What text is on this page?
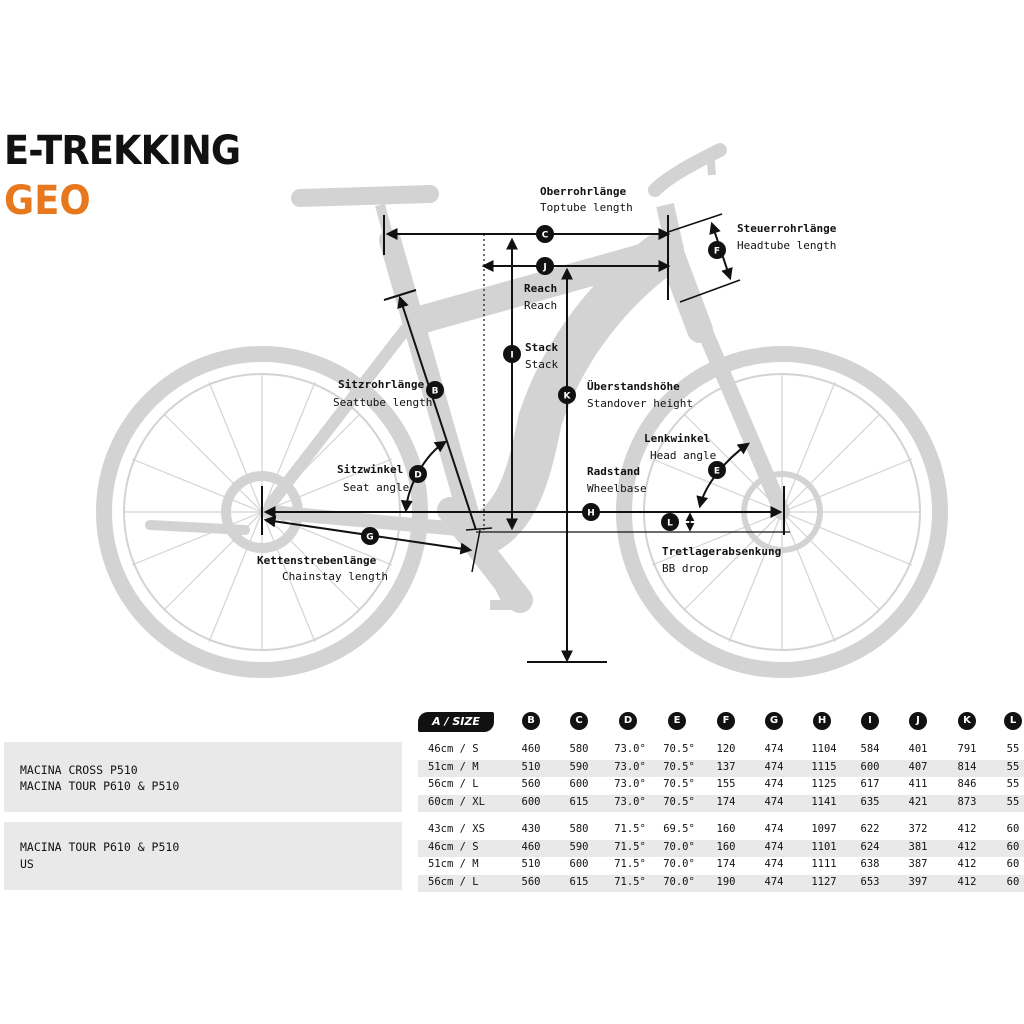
E-TREKKING
GEO
C
J
F
I
B	K
E
D
H
L
G
Oberrohrlänge
Toptube length
Steuerrohrlänge
Headtube length
Reach
Reach
Stack
Stack
Sitzrohrlänge
Seattube length
Überstandshöhe
Standover height
Lenkwinkel
Head angle
Sitzwinkel
Seat angle
Radstand
Wheelbase
Tretlagerabsenkung
BB drop
Kettenstrebenlänge
Chainstay length
A / SIZE	B	C	D	E	F	G	H	I	J	K	L
MACINA CROSS P510
MACINA TOUR P610 & P510
MACINA TOUR P610 & P510
US
46cm / S	460	580	73.0° 70.5°	120	474	1104	584	401	791	55
51cm / M	510	590	73.0° 70.5°	137	474	1115	600	407	814	55
56cm / L	560	600	73.0° 70.5°	155	474	1125	617	411	846	55
60cm / XL	600	615	73.0° 70.5°	174	474	1141	635	421	873	55
43cm / XS	430	580	71.5° 69.5°	160	474	1097	622	372	412	60
46cm / S	460	590	71.5° 70.0°	160	474	1101	624	381	412	60
51cm / M	510	600	71.5° 70.0°	174	474	1111	638	387	412	60
56cm / L	560	615	71.5° 70.0°	190	474	1127	653	397	412	60
